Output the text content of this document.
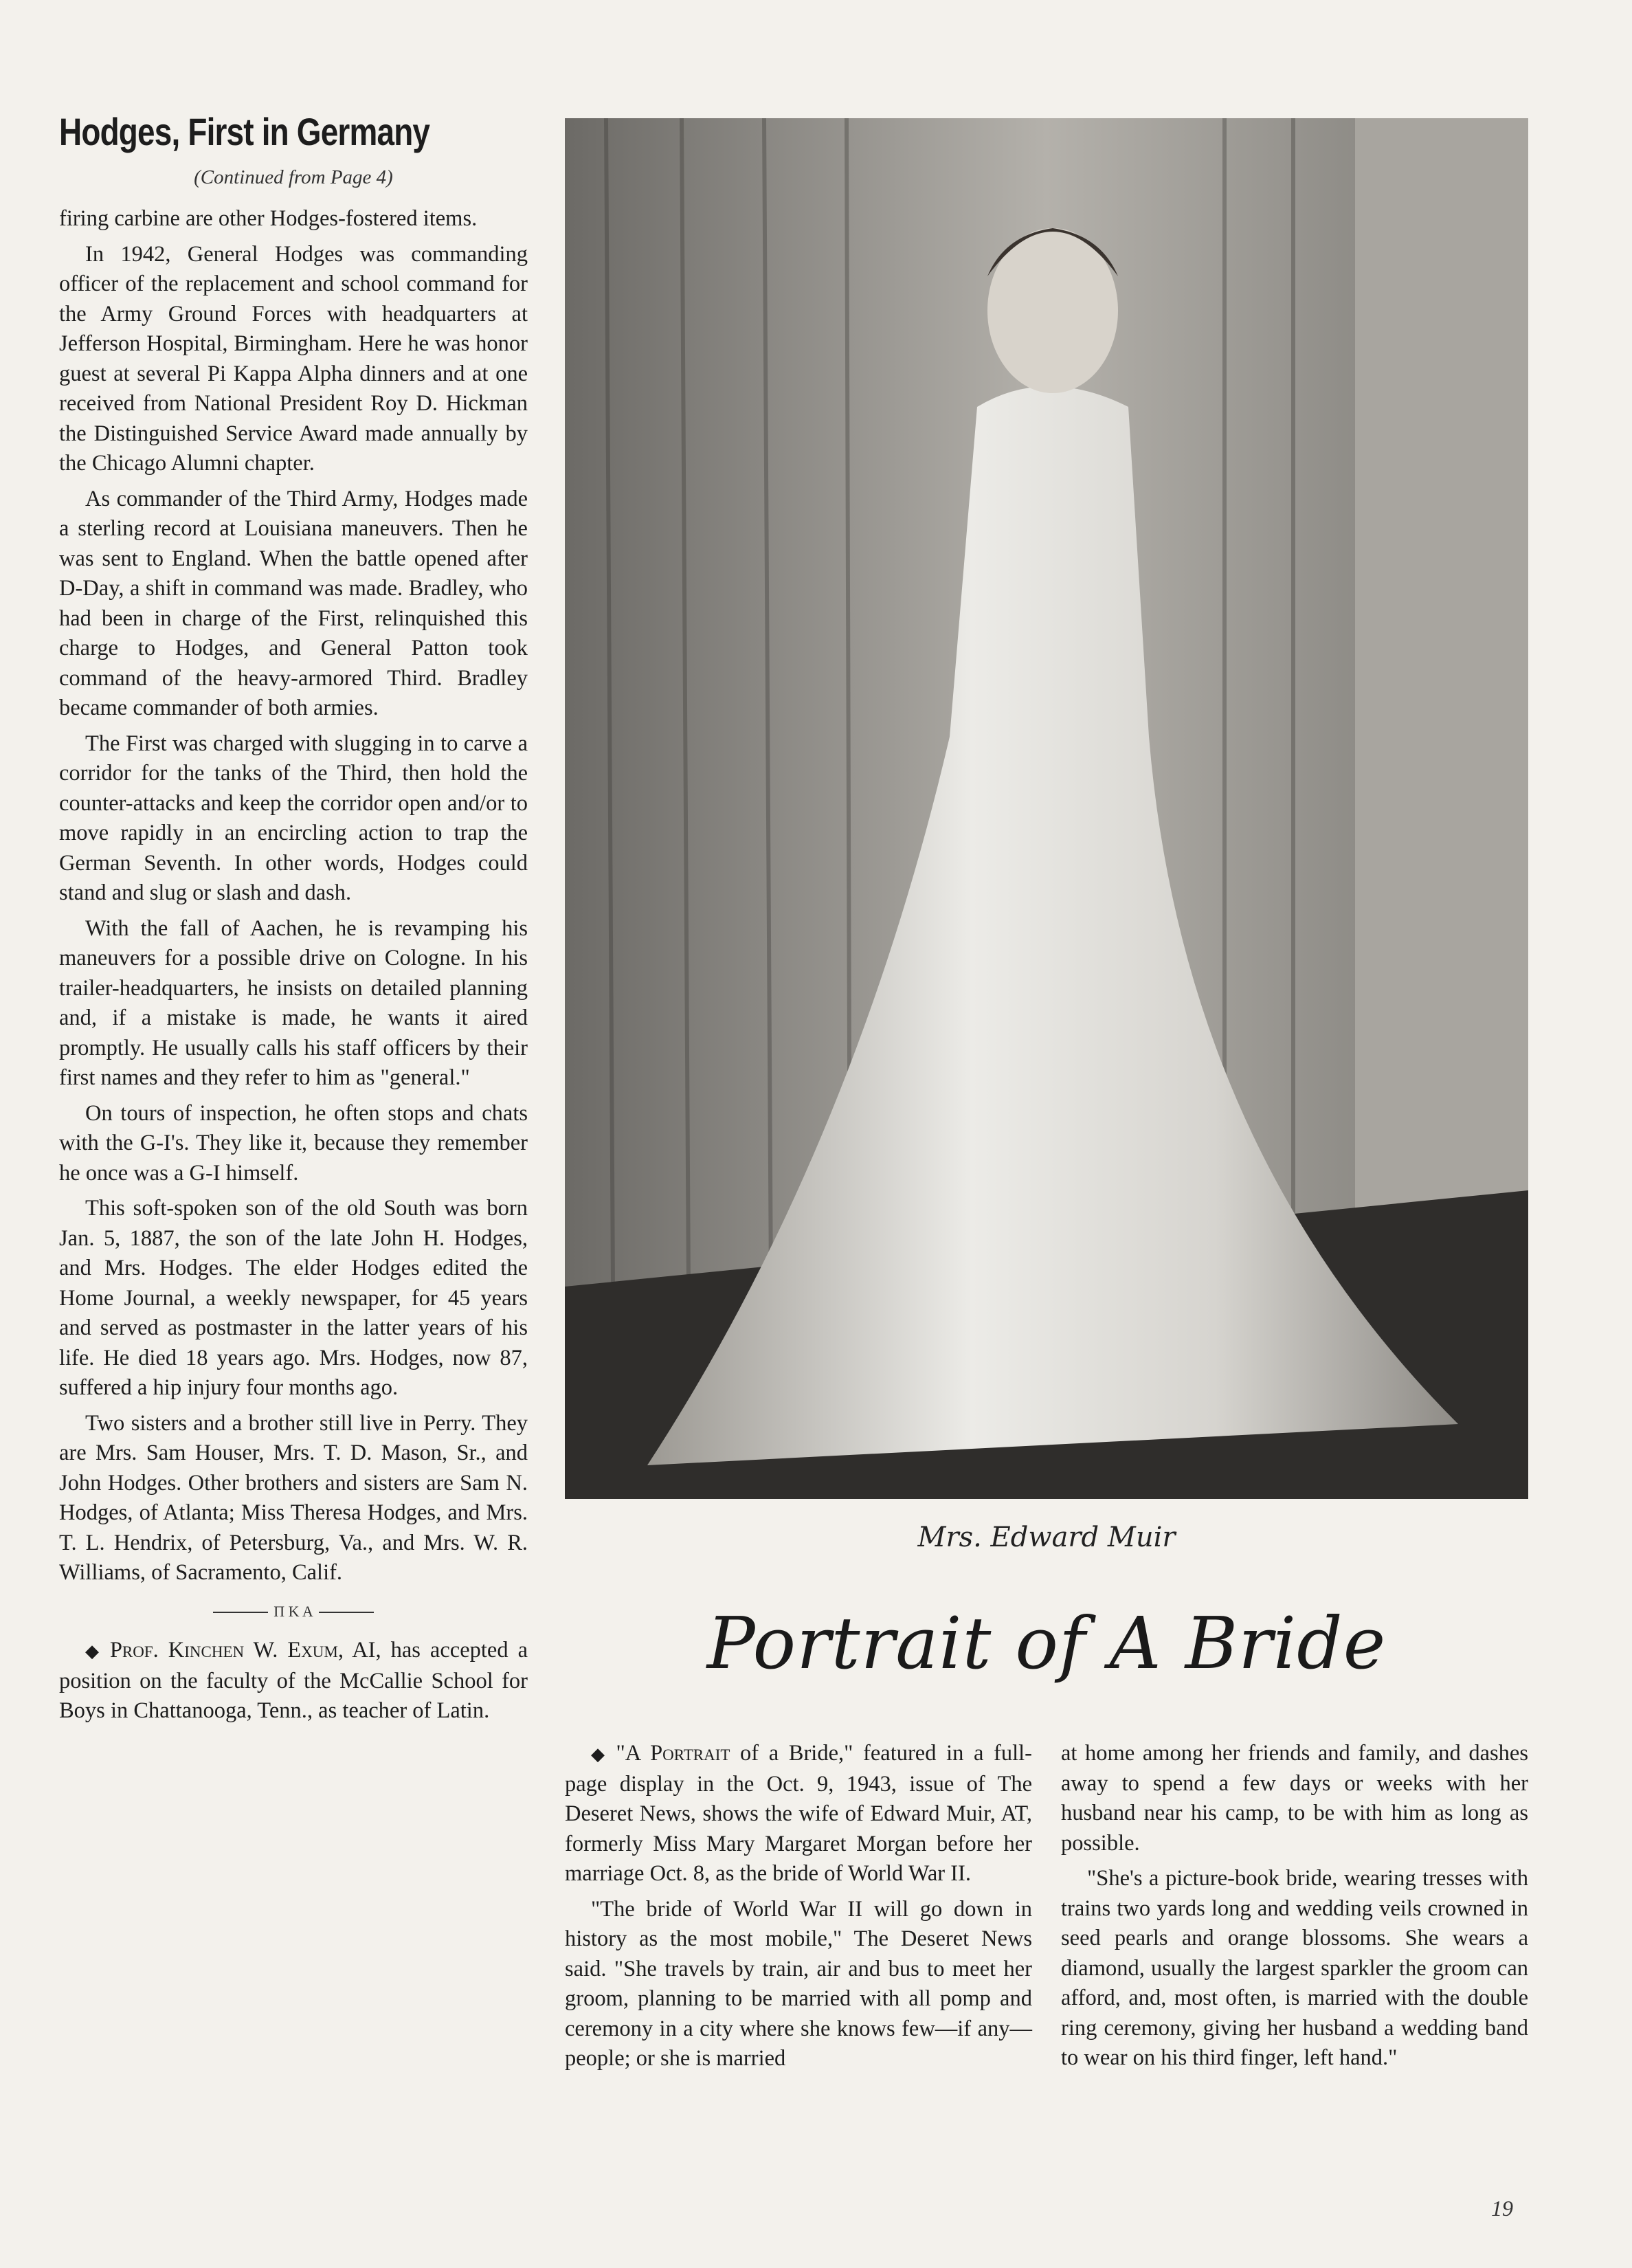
Hodges, First in Germany
(Continued from Page 4)

firing carbine are other Hodges-fostered items.

In 1942, General Hodges was commanding officer of the replacement and school command for the Army Ground Forces with headquarters at Jefferson Hospital, Birmingham. Here he was honor guest at several Pi Kappa Alpha dinners and at one received from National President Roy D. Hickman the Distinguished Service Award made annually by the Chicago Alumni chapter.

As commander of the Third Army, Hodges made a sterling record at Louisiana maneuvers. Then he was sent to England. When the battle opened after D-Day, a shift in command was made. Bradley, who had been in charge of the First, relinquished this charge to Hodges, and General Patton took command of the heavy-armored Third. Bradley became commander of both armies.

The First was charged with slugging in to carve a corridor for the tanks of the Third, then hold the counter-attacks and keep the corridor open and/or to move rapidly in an encircling action to trap the German Seventh. In other words, Hodges could stand and slug or slash and dash.

With the fall of Aachen, he is revamping his maneuvers for a possible drive on Cologne. In his trailer-headquarters, he insists on detailed planning and, if a mistake is made, he wants it aired promptly. He usually calls his staff officers by their first names and they refer to him as "general."

On tours of inspection, he often stops and chats with the G-I's. They like it, because they remember he once was a G-I himself.

This soft-spoken son of the old South was born Jan. 5, 1887, the son of the late John H. Hodges, and Mrs. Hodges. The elder Hodges edited the Home Journal, a weekly newspaper, for 45 years and served as postmaster in the latter years of his life. He died 18 years ago. Mrs. Hodges, now 87, suffered a hip injury four months ago.

Two sisters and a brother still live in Perry. They are Mrs. Sam Houser, Mrs. T. D. Mason, Sr., and John Hodges. Other brothers and sisters are Sam N. Hodges, of Atlanta; Miss Theresa Hodges, and Mrs. T. L. Hendrix, of Petersburg, Va., and Mrs. W. R. Williams, of Sacramento, Calif.

Π K A

◆ Prof. Kinchen W. Exum, AI, has accepted a position on the faculty of the McCallie School for Boys in Chattanooga, Tenn., as teacher of Latin.

Mrs. Edward Muir
Portrait of A Bride

◆ "A Portrait of a Bride," featured in a full-page display in the Oct. 9, 1943, issue of The Deseret News, shows the wife of Edward Muir, AT, formerly Miss Mary Margaret Morgan before her marriage Oct. 8, as the bride of World War II.

"The bride of World War II will go down in history as the most mobile," The Deseret News said. "She travels by train, air and bus to meet her groom, planning to be married with all pomp and ceremony in a city where she knows few—if any—people; or she is married

at home among her friends and family, and dashes away to spend a few days or weeks with her husband near his camp, to be with him as long as possible.

"She's a picture-book bride, wearing tresses with trains two yards long and wedding veils crowned in seed pearls and orange blossoms. She wears a diamond, usually the largest sparkler the groom can afford, and, most often, is married with the double ring ceremony, giving her husband a wedding band to wear on his third finger, left hand."

19
